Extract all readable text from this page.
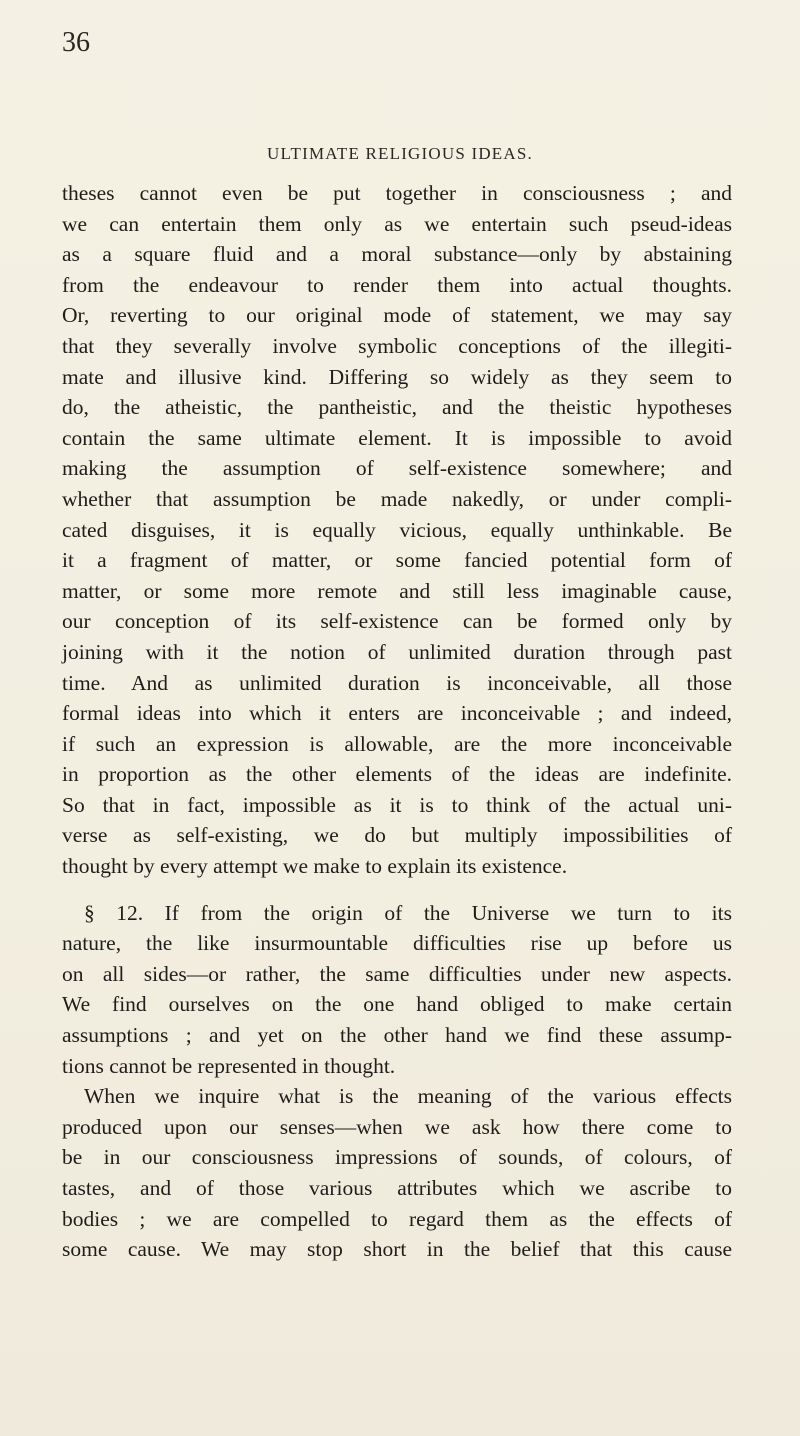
36
ULTIMATE RELIGIOUS IDEAS.
theses cannot even be put together in consciousness ; and
we can entertain them only as we entertain such pseud-ideas
as a square fluid and a moral substance—only by abstaining
from the endeavour to render them into actual thoughts.
Or, reverting to our original mode of statement, we may say
that they severally involve symbolic conceptions of the illegiti-
mate and illusive kind. Differing so widely as they seem to
do, the atheistic, the pantheistic, and the theistic hypotheses
contain the same ultimate element. It is impossible to avoid
making the assumption of self-existence somewhere; and
whether that assumption be made nakedly, or under compli-
cated disguises, it is equally vicious, equally unthinkable. Be
it a fragment of matter, or some fancied potential form of
matter, or some more remote and still less imaginable cause,
our conception of its self-existence can be formed only by
joining with it the notion of unlimited duration through past
time. And as unlimited duration is inconceivable, all those
formal ideas into which it enters are inconceivable ; and indeed,
if such an expression is allowable, are the more inconceivable
in proportion as the other elements of the ideas are indefinite.
So that in fact, impossible as it is to think of the actual uni-
verse as self-existing, we do but multiply impossibilities of
thought by every attempt we make to explain its existence.
§ 12. If from the origin of the Universe we turn to its
nature, the like insurmountable difficulties rise up before us
on all sides—or rather, the same difficulties under new aspects.
We find ourselves on the one hand obliged to make certain
assumptions ; and yet on the other hand we find these assump-
tions cannot be represented in thought.
When we inquire what is the meaning of the various effects
produced upon our senses—when we ask how there come to
be in our consciousness impressions of sounds, of colours, of
tastes, and of those various attributes which we ascribe to
bodies ; we are compelled to regard them as the effects of
some cause. We may stop short in the belief that this cause
